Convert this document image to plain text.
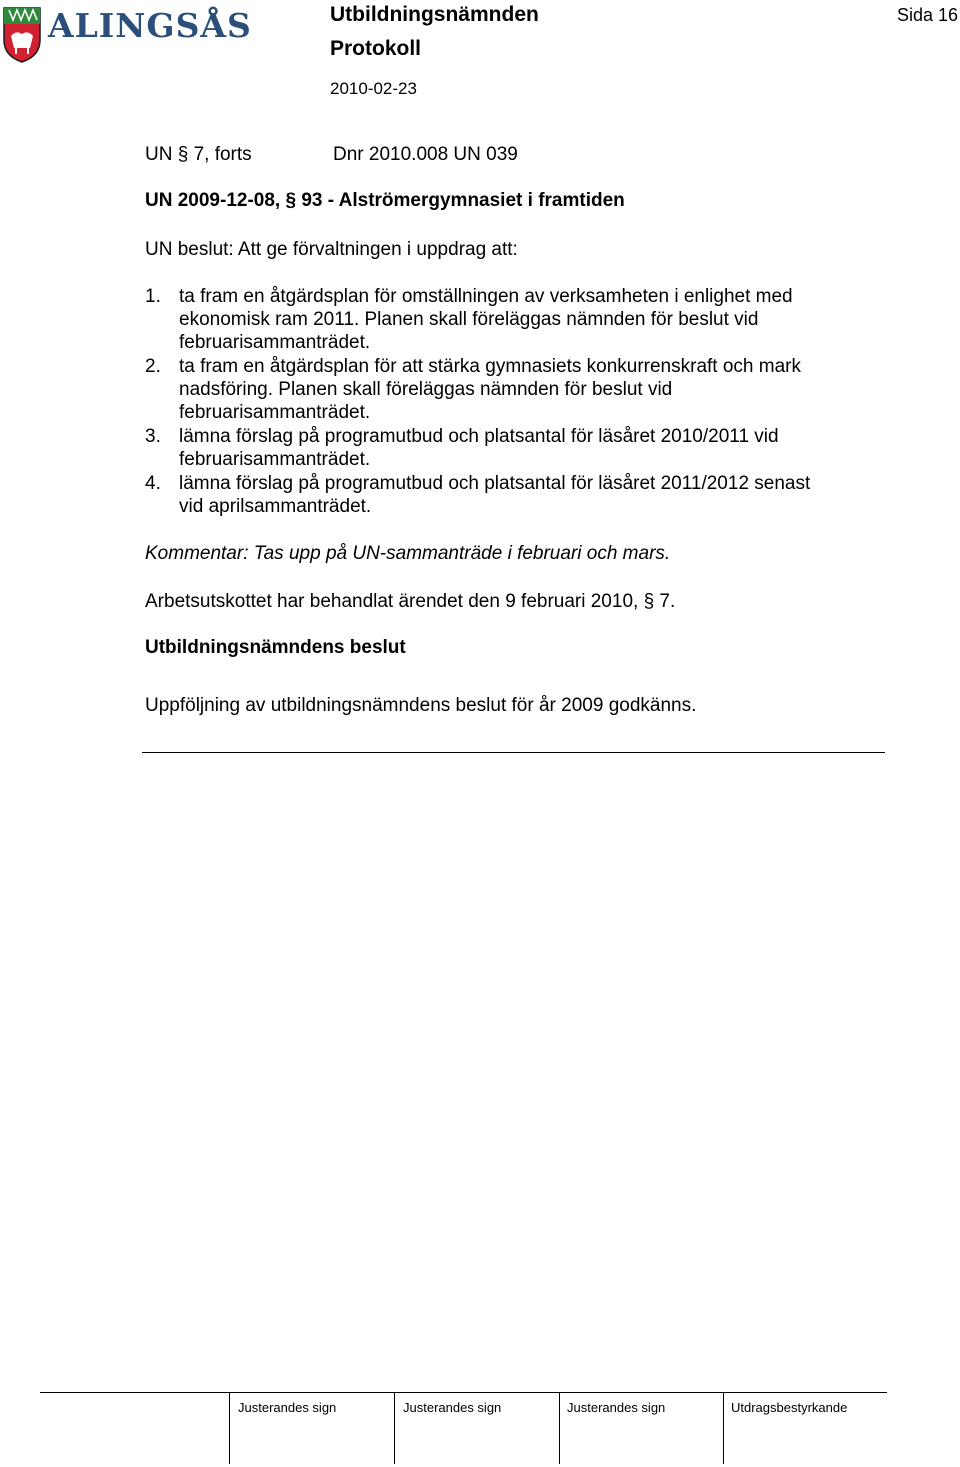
ALINGSÅS	Utbildningsnämnden
Protokoll
2010-02-23
Sida 16
UN § 7, forts	Dnr 2010.008 UN 039
UN 2009-12-08, § 93 - Alströmergymnasiet i framtiden
UN beslut: Att ge förvaltningen i uppdrag att:
1. ta fram en åtgärdsplan för omställningen av verksamheten i enlighet med
ekonomisk ram 2011. Planen skall föreläggas nämnden för beslut vid
februarisammanträdet.
2. ta fram en åtgärdsplan för att stärka gymnasiets konkurrenskraft och mark
nadsföring. Planen skall föreläggas nämnden för beslut vid
februarisammanträdet.
3. lämna förslag på programutbud och platsantal för läsåret 2010/2011 vid
februarisammanträdet.
4. lämna förslag på programutbud och platsantal för läsåret 2011/2012 senast
vid aprilsammanträdet.
Kommentar: Tas upp på UN-sammanträde i februari och mars.
Arbetsutskottet har behandlat ärendet den 9 februari 2010, § 7.
Utbildningsnämndens beslut
Uppföljning av utbildningsnämndens beslut för år 2009 godkänns.
Justerandes sign	Justerandes sign	Justerandes sign	Utdragsbestyrkande
